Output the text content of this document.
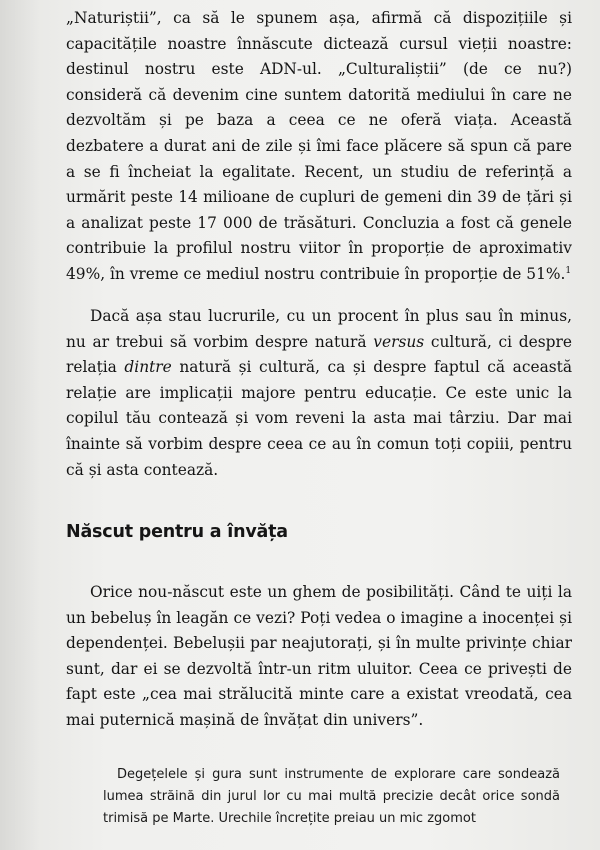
„Naturiștii”, ca să le spunem așa, afirmă că dispozițiile și capacitățile noastre înnăscute dictează cursul vieții noastre: destinul nostru este ADN-ul. „Culturaliștii” (de ce nu?) consideră că devenim cine suntem datorită mediului în care ne dezvoltăm și pe baza a ceea ce ne oferă viața. Această dezbatere a durat ani de zile și îmi face plăcere să spun că pare a se fi încheiat la egalitate. Recent, un studiu de referință a urmărit peste 14 milioane de cupluri de gemeni din 39 de țări și a analizat peste 17 000 de trăsături. Concluzia a fost că genele contribuie la profilul nostru viitor în proporție de aproximativ 49%, în vreme ce mediul nostru contribuie în proporție de 51%.$^1$

Dacă așa stau lucrurile, cu un procent în plus sau în minus, nu ar trebui să vorbim despre natură versus cultură, ci despre relația dintre natură și cultură, ca și despre faptul că această relație are implicații majore pentru educație. Ce este unic la copilul tău contează și vom reveni la asta mai târziu. Dar mai înainte să vorbim despre ceea ce au în comun toți copiii, pentru că și asta contează.

Născut pentru a învăța

Orice nou-născut este un ghem de posibilități. Când te uiți la un bebeluș în leagăn ce vezi? Poți vedea o imagine a inocenței și dependenței. Bebelușii par neajutorați, și în multe privințe chiar sunt, dar ei se dezvoltă într-un ritm uluitor. Ceea ce privești de fapt este „cea mai strălucită minte care a existat vreodată, cea mai puternică mașină de învățat din univers”.

Degețelele și gura sunt instrumente de explorare care sondează lumea străină din jurul lor cu mai multă precizie decât orice sondă trimisă pe Marte. Urechile încrețite preiau un mic zgomot
